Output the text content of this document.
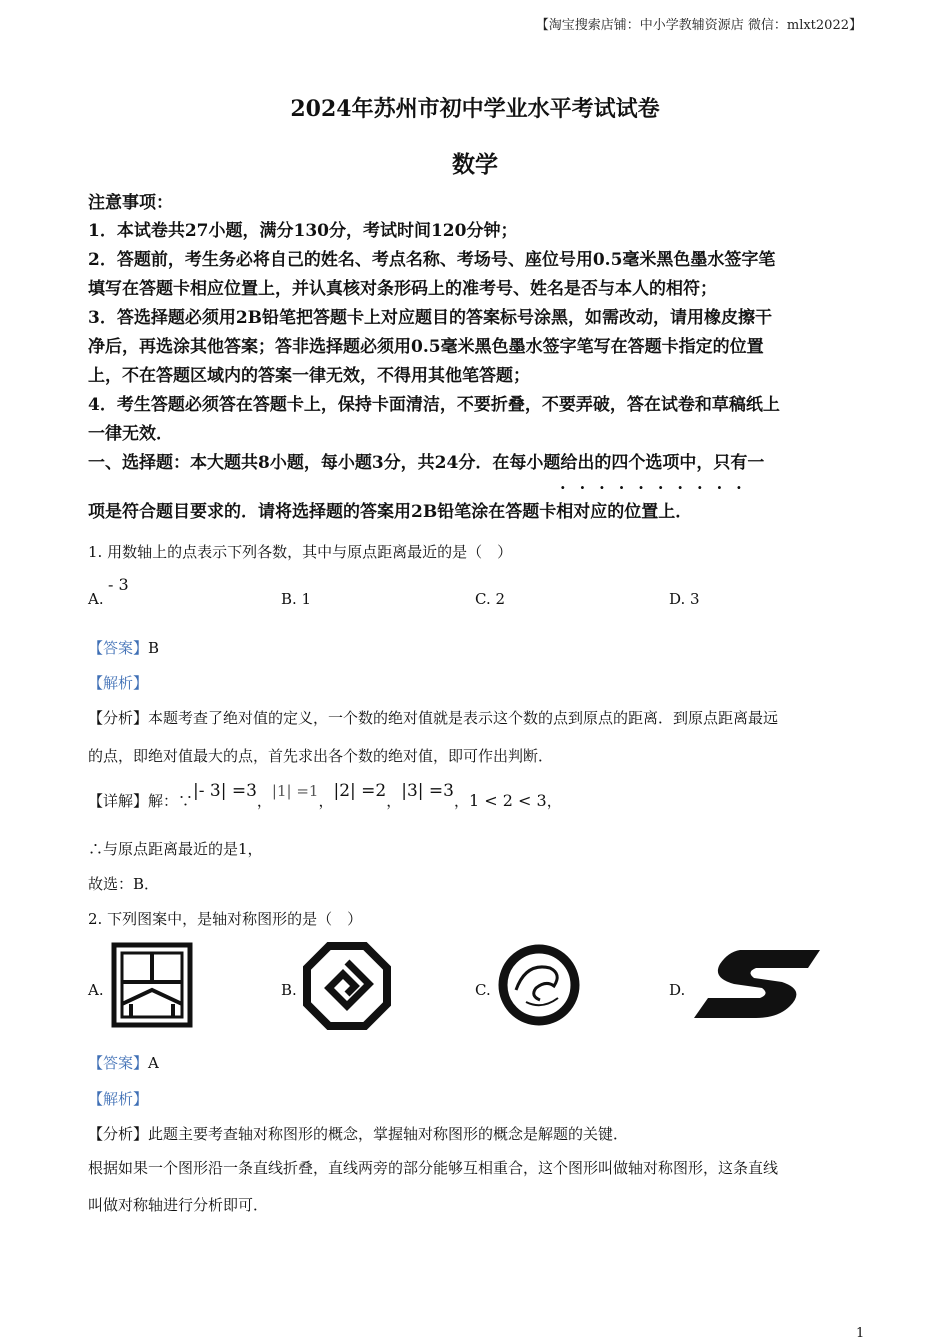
【淘宝搜索店铺：中小学教辅资源店 微信：mlxt2022】
2024年苏州市初中学业水平考试试卷
数学
注意事项：
1．本试卷共27小题，满分130分，考试时间120分钟；
2．答题前，考生务必将自己的姓名、考点名称、考场号、座位号用0.5毫米黑色墨水签字笔
填写在答题卡相应位置上，并认真核对条形码上的准考号、姓名是否与本人的相符；
3．答选择题必须用2B铅笔把答题卡上对应题目的答案标号涂黑，如需改动，请用橡皮擦干
净后，再选涂其他答案；答非选择题必须用0.5毫米黑色墨水签字笔写在答题卡指定的位置
上，不在答题区域内的答案一律无效，不得用其他笔答题；
4．考生答题必须答在答题卡上，保持卡面清洁，不要折叠，不要弄破，答在试卷和草稿纸上
一律无效．
一、选择题：本大题共8小题，每小题3分，共24分．在每小题给出的四个选项中，只有一
··········
项是符合题目要求的．请将选择题的答案用2B铅笔涂在答题卡相对应的位置上．
1. 用数轴上的点表示下列各数，其中与原点距离最近的是（　）
A.
- 3
B. 1	C. 2	D. 3
【答案】B
【解析】
【分析】本题考查了绝对值的定义，一个数的绝对值就是表示这个数的点到原点的距离．到原点距离最远
的点，即绝对值最大的点，首先求出各个数的绝对值，即可作出判断．
【详解】解：∵|- 3| =3，|1| =1，|2| =2，|3| =3，1 < 2 < 3，
∴与原点距离最近的是1，
故选：B．
2. 下列图案中，是轴对称图形的是（　）
A.	B.	C.	D.
【答案】A
【解析】
【分析】此题主要考查轴对称图形的概念，掌握轴对称图形的概念是解题的关键．
根据如果一个图形沿一条直线折叠，直线两旁的部分能够互相重合，这个图形叫做轴对称图形，这条直线
叫做对称轴进行分析即可．
1
